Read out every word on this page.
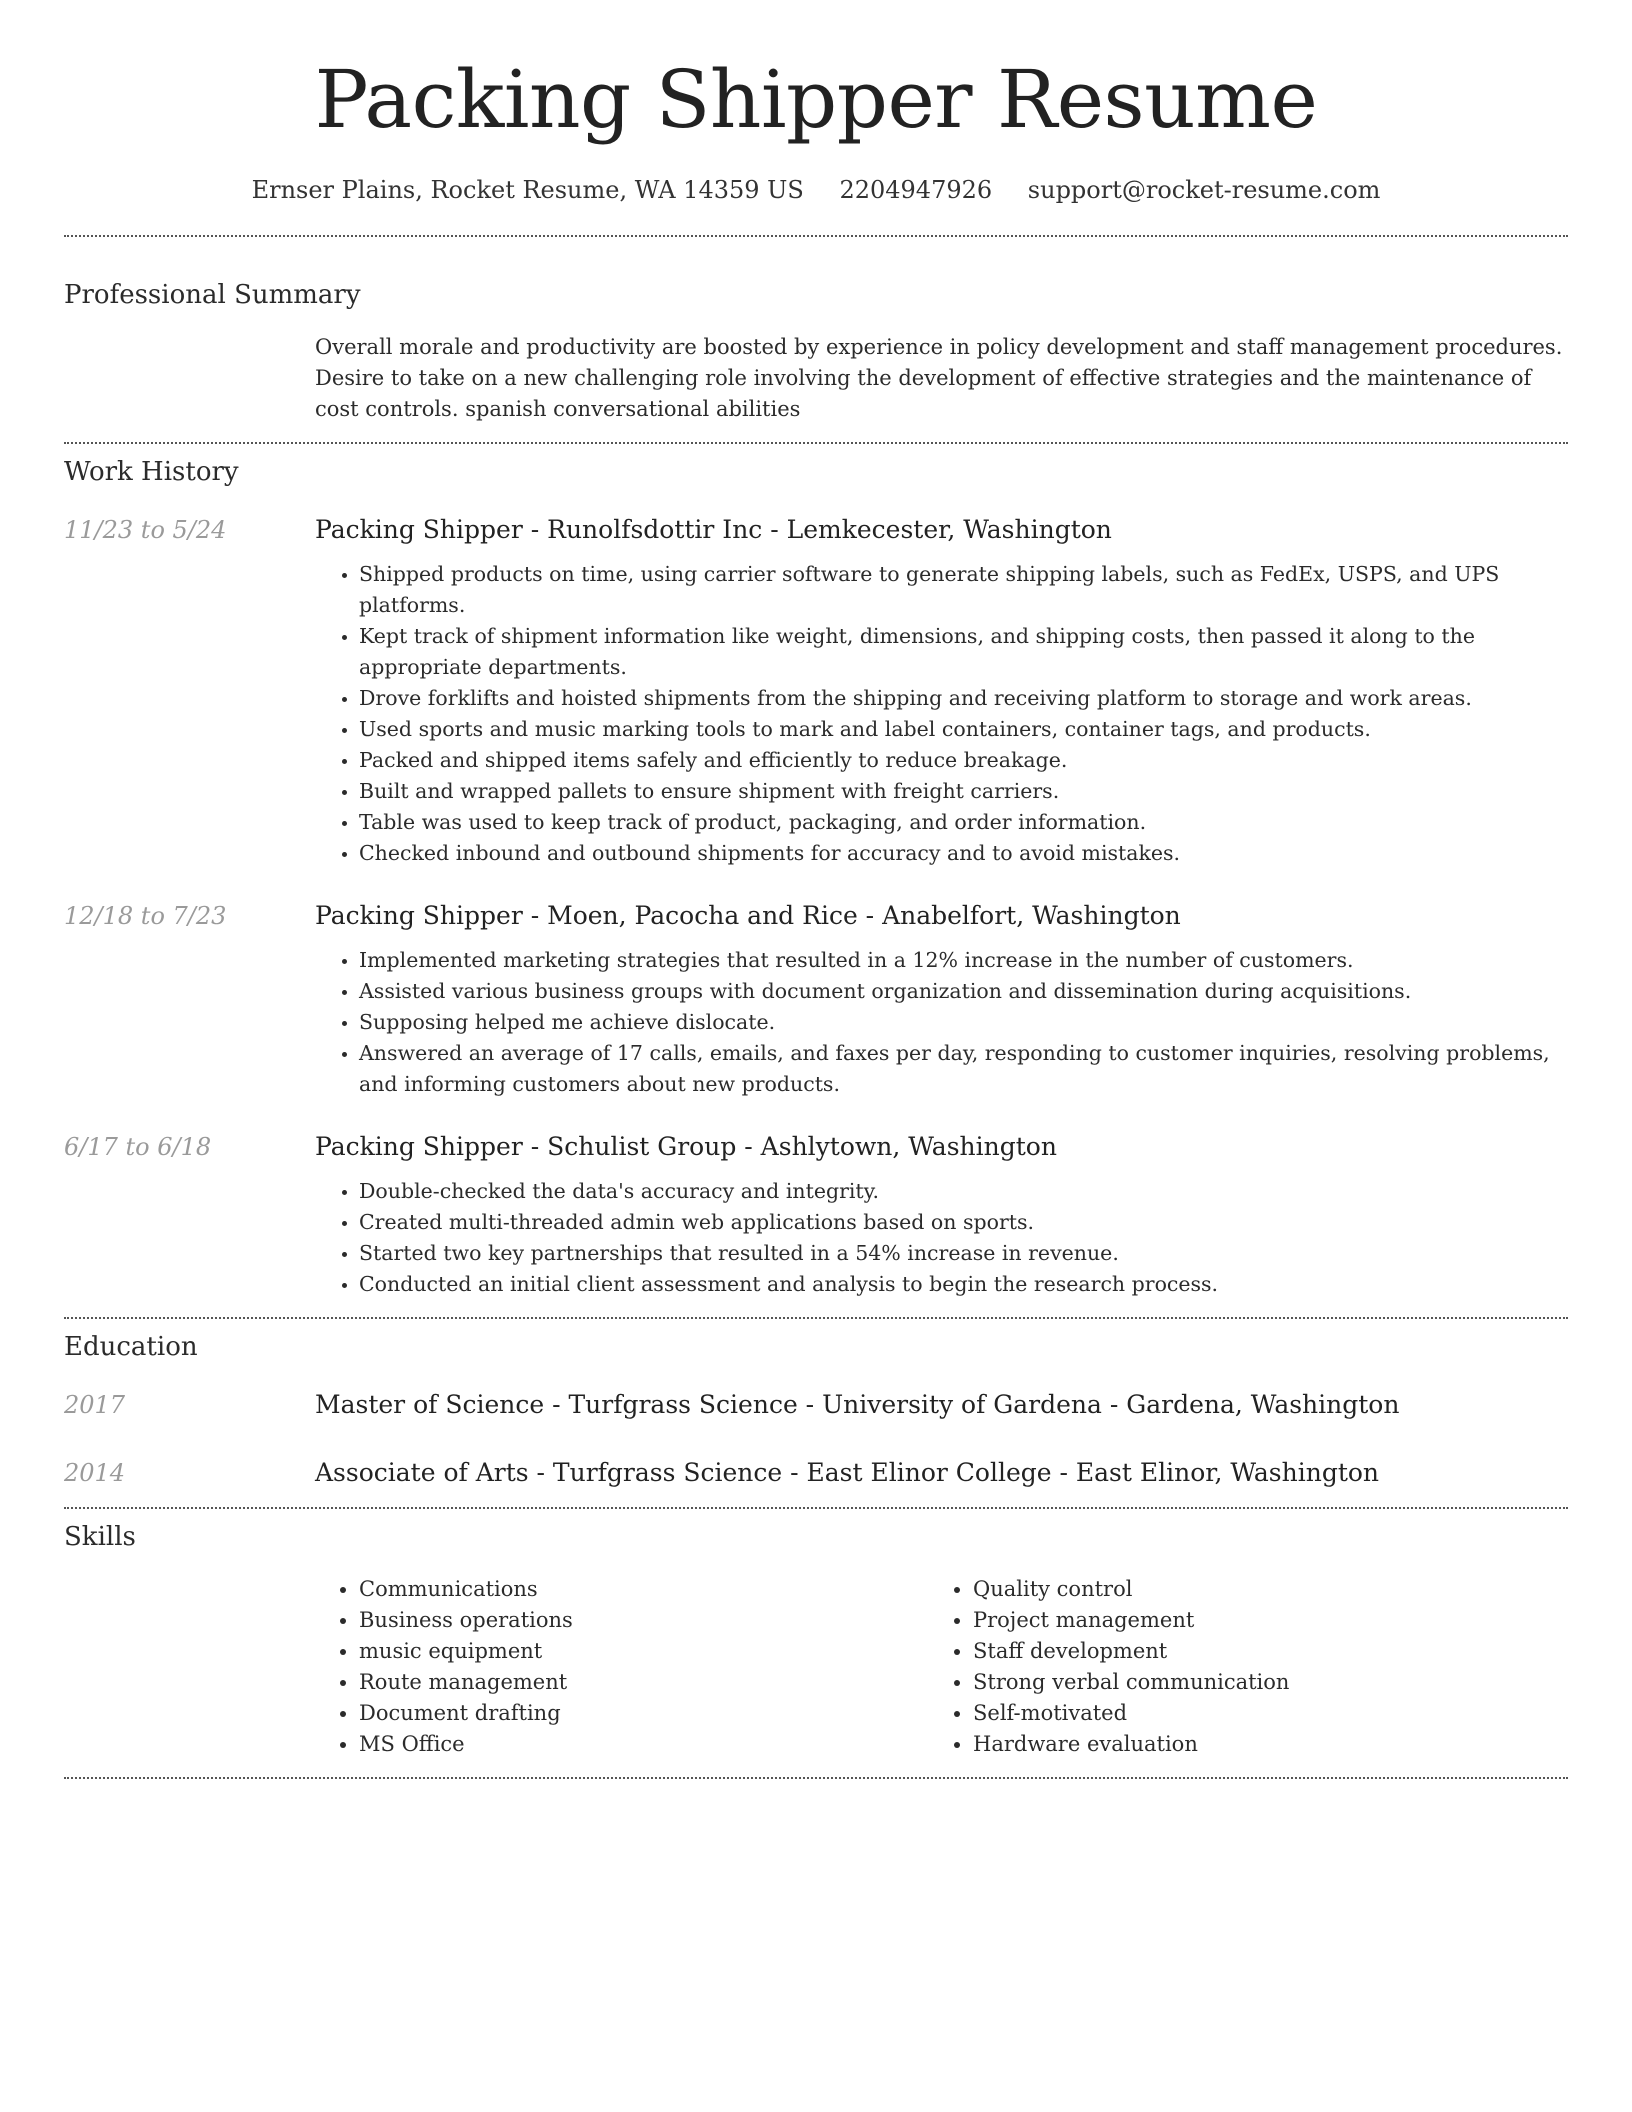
Packing Shipper Resume
Ernser Plains, Rocket Resume, WA 14359 US 2204947926 support@rocket-resume.com
Professional Summary
Overall morale and productivity are boosted by experience in policy development and staff management procedures. Desire to take on a new challenging role involving the development of effective strategies and the maintenance of cost controls. spanish conversational abilities
Work History
11/23 to 5/24	Packing Shipper - Runolfsdottir Inc - Lemkecester, Washington
• Shipped products on time, using carrier software to generate shipping labels, such as FedEx, USPS, and UPS platforms.
• Kept track of shipment information like weight, dimensions, and shipping costs, then passed it along to the appropriate departments.
• Drove forklifts and hoisted shipments from the shipping and receiving platform to storage and work areas.
• Used sports and music marking tools to mark and label containers, container tags, and products.
• Packed and shipped items safely and efficiently to reduce breakage.
• Built and wrapped pallets to ensure shipment with freight carriers.
• Table was used to keep track of product, packaging, and order information.
• Checked inbound and outbound shipments for accuracy and to avoid mistakes.
12/18 to 7/23	Packing Shipper - Moen, Pacocha and Rice - Anabelfort, Washington
• Implemented marketing strategies that resulted in a 12% increase in the number of customers.
• Assisted various business groups with document organization and dissemination during acquisitions.
• Supposing helped me achieve dislocate.
• Answered an average of 17 calls, emails, and faxes per day, responding to customer inquiries, resolving problems, and informing customers about new products.
6/17 to 6/18	Packing Shipper - Schulist Group - Ashlytown, Washington
• Double-checked the data's accuracy and integrity.
• Created multi-threaded admin web applications based on sports.
• Started two key partnerships that resulted in a 54% increase in revenue.
• Conducted an initial client assessment and analysis to begin the research process.
Education
2017	Master of Science - Turfgrass Science - University of Gardena - Gardena, Washington
2014	Associate of Arts - Turfgrass Science - East Elinor College - East Elinor, Washington
Skills
• Communications
• Business operations
• music equipment
• Route management
• Document drafting
• MS Office
• Quality control
• Project management
• Staff development
• Strong verbal communication
• Self-motivated
• Hardware evaluation
